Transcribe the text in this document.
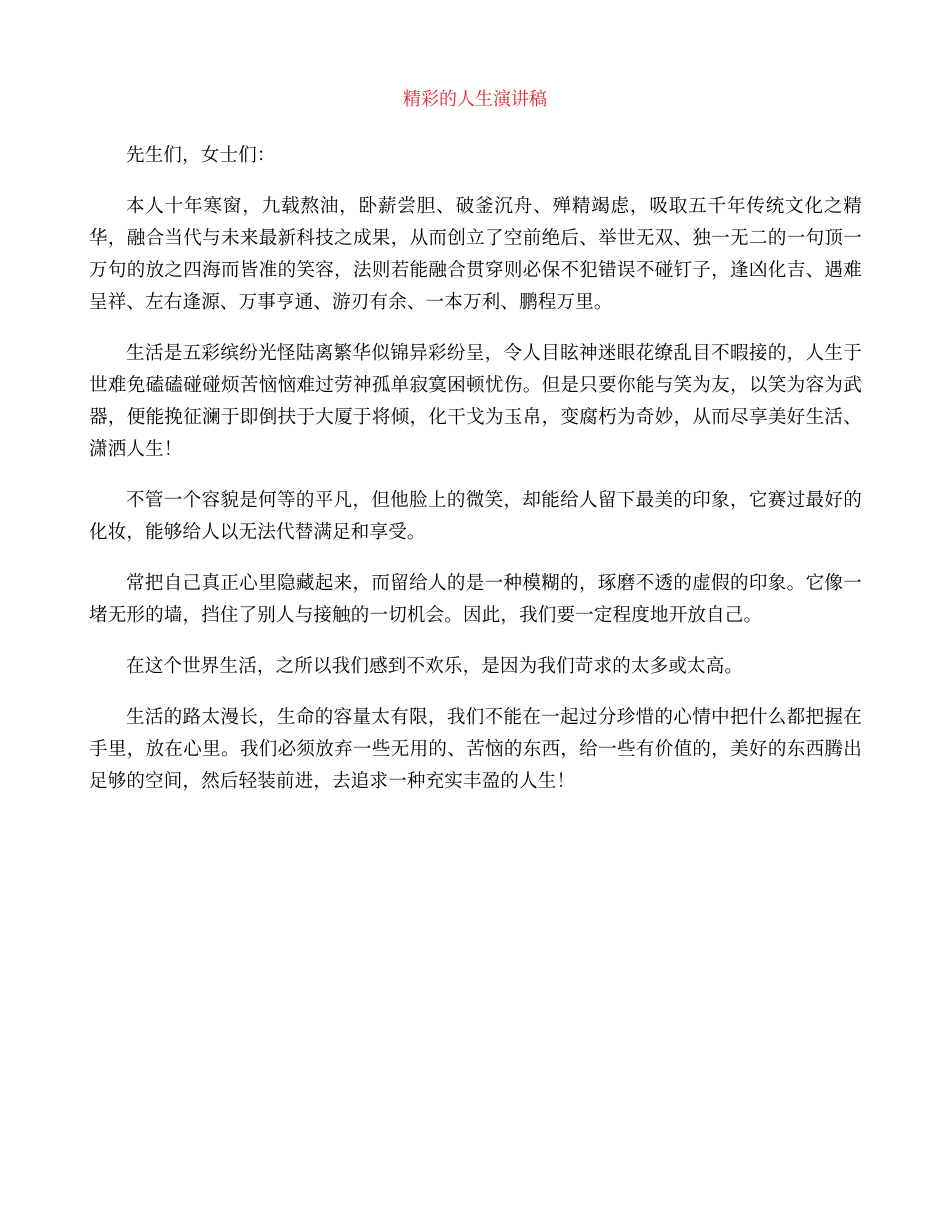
精彩的人生演讲稿

先生们，女士们：

本人十年寒窗，九载熬油，卧薪尝胆、破釜沉舟、殚精竭虑，吸取五千年传统文化之精华，融合当代与未来最新科技之成果，从而创立了空前绝后、举世无双、独一无二的一句顶一万句的放之四海而皆准的笑容，法则若能融合贯穿则必保不犯错误不碰钉子，逢凶化吉、遇难呈祥、左右逢源、万事亨通、游刃有余、一本万利、鹏程万里。

生活是五彩缤纷光怪陆离繁华似锦异彩纷呈，令人目眩神迷眼花缭乱目不暇接的，人生于世难免磕磕碰碰烦苦恼恼难过劳神孤单寂寞困顿忧伤。但是只要你能与笑为友，以笑为容为武器，便能挽征澜于即倒扶于大厦于将倾，化干戈为玉帛，变腐朽为奇妙，从而尽享美好生活、潇洒人生！

不管一个容貌是何等的平凡，但他脸上的微笑，却能给人留下最美的印象，它赛过最好的化妆，能够给人以无法代替满足和享受。

常把自己真正心里隐藏起来，而留给人的是一种模糊的，琢磨不透的虚假的印象。它像一堵无形的墙，挡住了别人与接触的一切机会。因此，我们要一定程度地开放自己。

在这个世界生活，之所以我们感到不欢乐，是因为我们苛求的太多或太高。

生活的路太漫长，生命的容量太有限，我们不能在一起过分珍惜的心情中把什么都把握在手里，放在心里。我们必须放弃一些无用的、苦恼的东西，给一些有价值的，美好的东西腾出足够的空间，然后轻装前进，去追求一种充实丰盈的人生！
